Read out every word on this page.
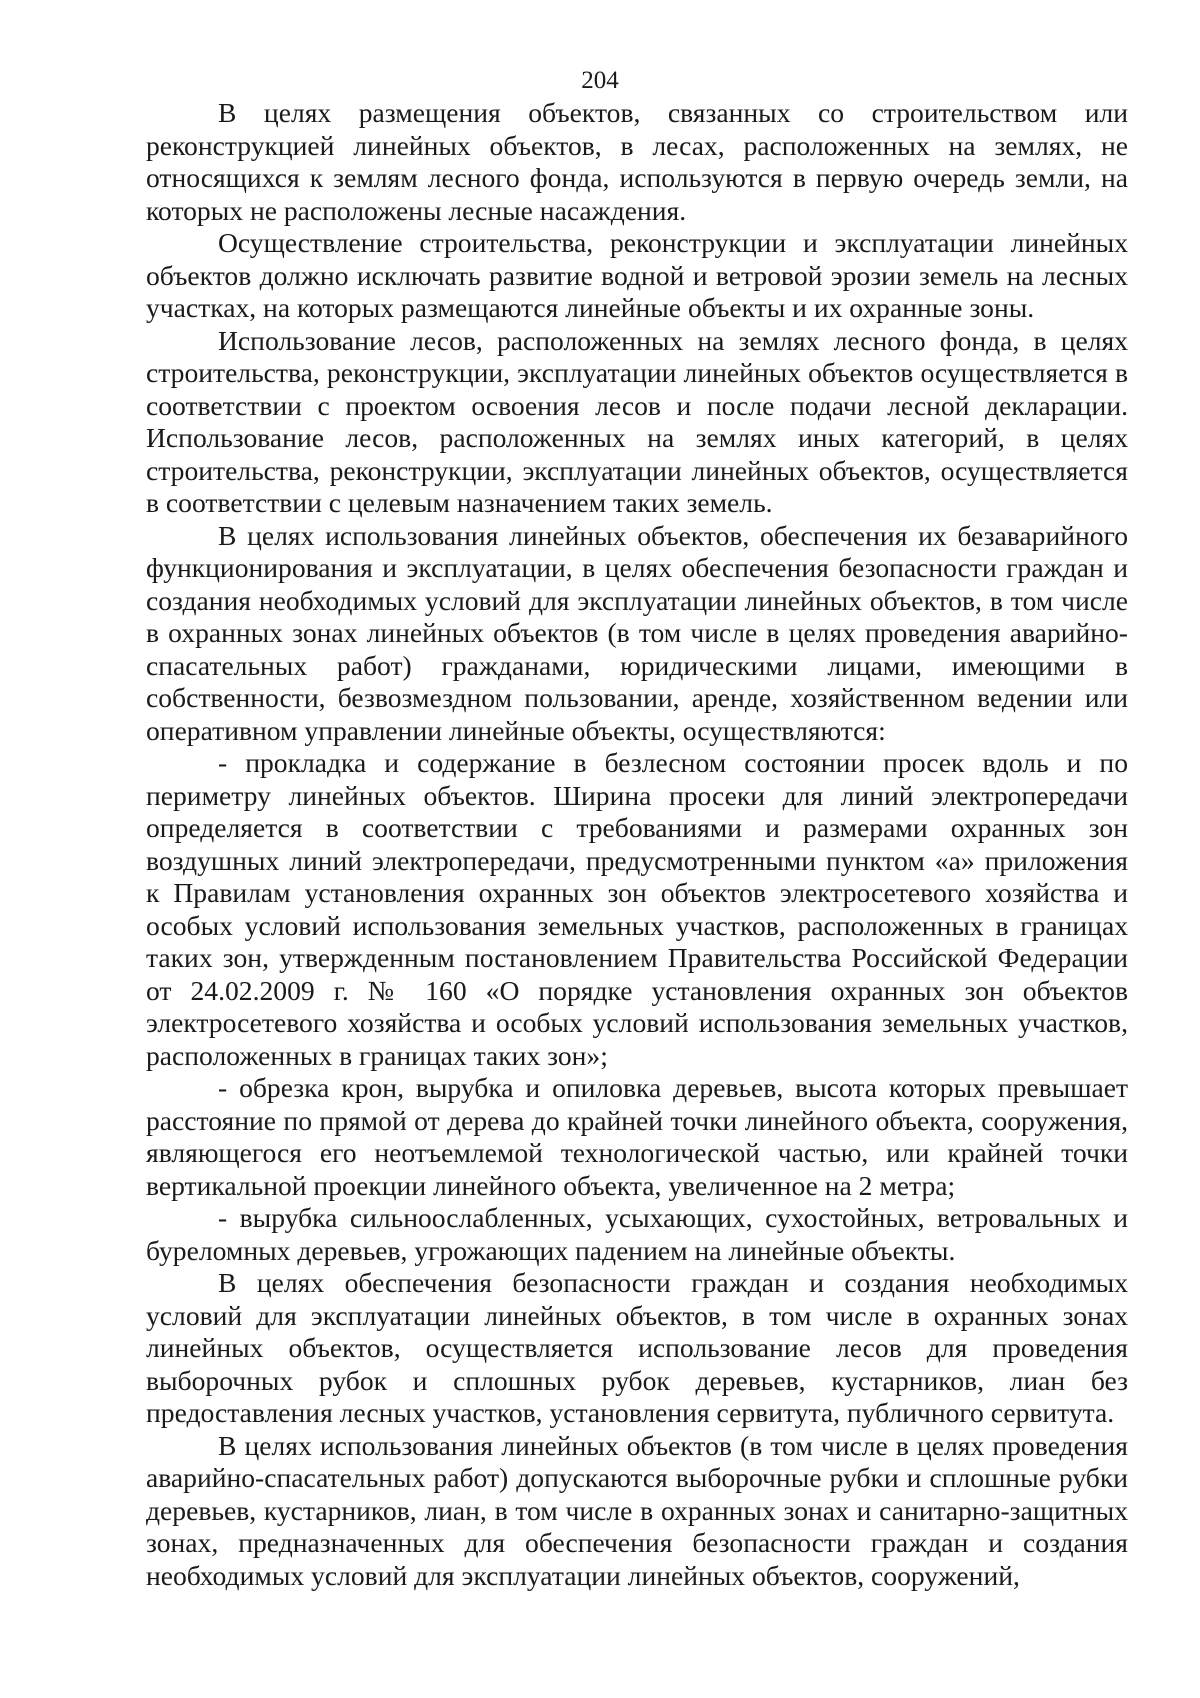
204

В целях размещения объектов, связанных со строительством или реконструкцией линейных объектов, в лесах, расположенных на землях, не относящихся к землям лесного фонда, используются в первую очередь земли, на которых не расположены лесные насаждения.

Осуществление строительства, реконструкции и эксплуатации линейных объектов должно исключать развитие водной и ветровой эрозии земель на лесных участках, на которых размещаются линейные объекты и их охранные зоны.

Использование лесов, расположенных на землях лесного фонда, в целях строительства, реконструкции, эксплуатации линейных объектов осуществляется в соответствии с проектом освоения лесов и после подачи лесной декларации. Использование лесов, расположенных на землях иных категорий, в целях строительства, реконструкции, эксплуатации линейных объектов, осуществляется в соответствии с целевым назначением таких земель.

В целях использования линейных объектов, обеспечения их безаварийного функционирования и эксплуатации, в целях обеспечения безопасности граждан и создания необходимых условий для эксплуатации линейных объектов, в том числе в охранных зонах линейных объектов (в том числе в целях проведения аварийно-спасательных работ) гражданами, юридическими лицами, имеющими в собственности, безвозмездном пользовании, аренде, хозяйственном ведении или оперативном управлении линейные объекты, осуществляются:

- прокладка и содержание в безлесном состоянии просек вдоль и по периметру линейных объектов. Ширина просеки для линий электропередачи определяется в соответствии с требованиями и размерами охранных зон воздушных линий электропередачи, предусмотренными пунктом «а» приложения к Правилам установления охранных зон объектов электросетевого хозяйства и особых условий использования земельных участков, расположенных в границах таких зон, утвержденным постановлением Правительства Российской Федерации от 24.02.2009 г. № 160 «О порядке установления охранных зон объектов электросетевого хозяйства и особых условий использования земельных участков, расположенных в границах таких зон»;

- обрезка крон, вырубка и опиловка деревьев, высота которых превышает расстояние по прямой от дерева до крайней точки линейного объекта, сооружения, являющегося его неотъемлемой технологической частью, или крайней точки вертикальной проекции линейного объекта, увеличенное на 2 метра;

- вырубка сильноослабленных, усыхающих, сухостойных, ветровальных и буреломных деревьев, угрожающих падением на линейные объекты.

В целях обеспечения безопасности граждан и создания необходимых условий для эксплуатации линейных объектов, в том числе в охранных зонах линейных объектов, осуществляется использование лесов для проведения выборочных рубок и сплошных рубок деревьев, кустарников, лиан без предоставления лесных участков, установления сервитута, публичного сервитута.

В целях использования линейных объектов (в том числе в целях проведения аварийно-спасательных работ) допускаются выборочные рубки и сплошные рубки деревьев, кустарников, лиан, в том числе в охранных зонах и санитарно-защитных зонах, предназначенных для обеспечения безопасности граждан и создания необходимых условий для эксплуатации линейных объектов, сооружений,
